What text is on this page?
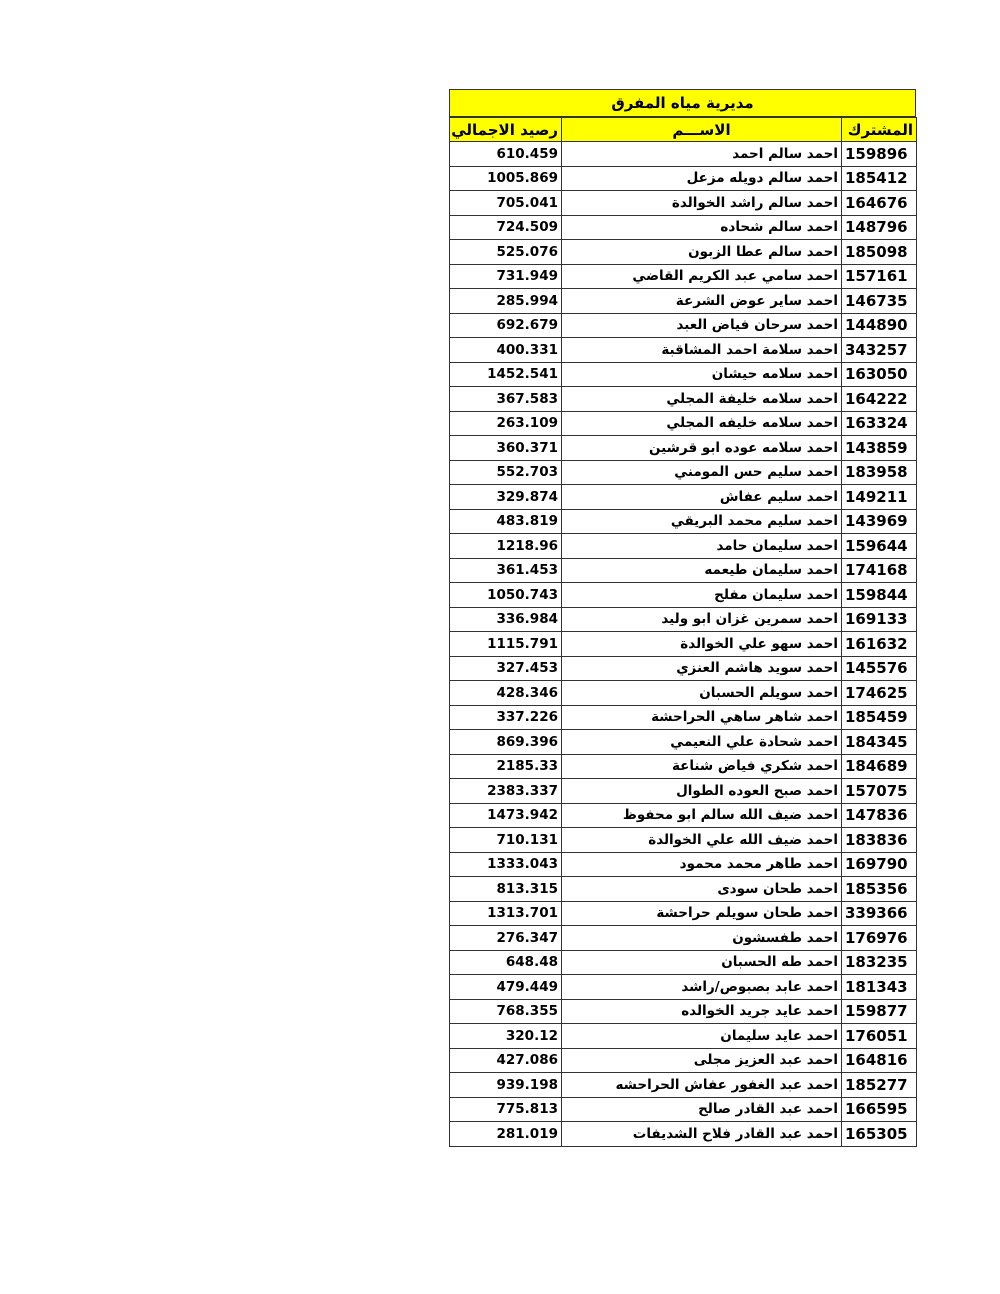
مديرية مياه المفرق
رصيد الاجمالي	الاســـم	المشترك
610.459	احمد سالم احمد	159896
1005.869	احمد سالم دويله مزعل	185412
705.041	احمد سالم راشد الخوالدة	164676
724.509	احمد سالم شحاده	148796
525.076	احمد سالم عطا الزبون	185098
731.949	احمد سامي عبد الكريم القاضي	157161
285.994	احمد ساير عوض الشرعة	146735
692.679	احمد سرحان فياض العبد	144890
400.331	احمد سلامة احمد المشاقبة	343257
1452.541	احمد سلامه حيشان	163050
367.583	احمد سلامه خليفة المجلي	164222
263.109	احمد سلامه خليفه المجلي	163324
360.371	احمد سلامه عوده ابو قرشين	143859
552.703	احمد سليم حس المومني	183958
329.874	احمد سليم عفاش	149211
483.819	احمد سليم محمد البريقي	143969
1218.96	احمد سليمان حامد	159644
361.453	احمد سليمان طيعمه	174168
1050.743	احمد سليمان مفلح	159844
336.984	احمد سمرين غزان ابو وليد	169133
1115.791	احمد سهو علي الخوالدة	161632
327.453	احمد سويد هاشم العنزي	145576
428.346	احمد سويلم الحسبان	174625
337.226	احمد شاهر ساهي الحراحشة	185459
869.396	احمد شحادة علي النعيمي	184345
2185.33	احمد شكري فياض شناعة	184689
2383.337	احمد صبح العوده الطوال	157075
1473.942	احمد ضيف الله سالم ابو محفوظ	147836
710.131	احمد ضيف الله علي الخوالدة	183836
1333.043	احمد طاهر محمد محمود	169790
813.315	احمد طحان سودى	185356
1313.701	احمد طحان سويلم حراحشة	339366
276.347	احمد طفسشون	176976
648.48	احمد طه الحسبان	183235
479.449	احمد عابد بصبوص/راشد	181343
768.355	احمد عايد جريد الخوالده	159877
320.12	احمد عايد سليمان	176051
427.086	احمد عبد العزيز مجلى	164816
939.198	احمد عبد الغفور عفاش الحراحشه	185277
775.813	احمد عبد القادر صالح	166595
281.019	احمد عبد القادر فلاح الشديفات	165305
